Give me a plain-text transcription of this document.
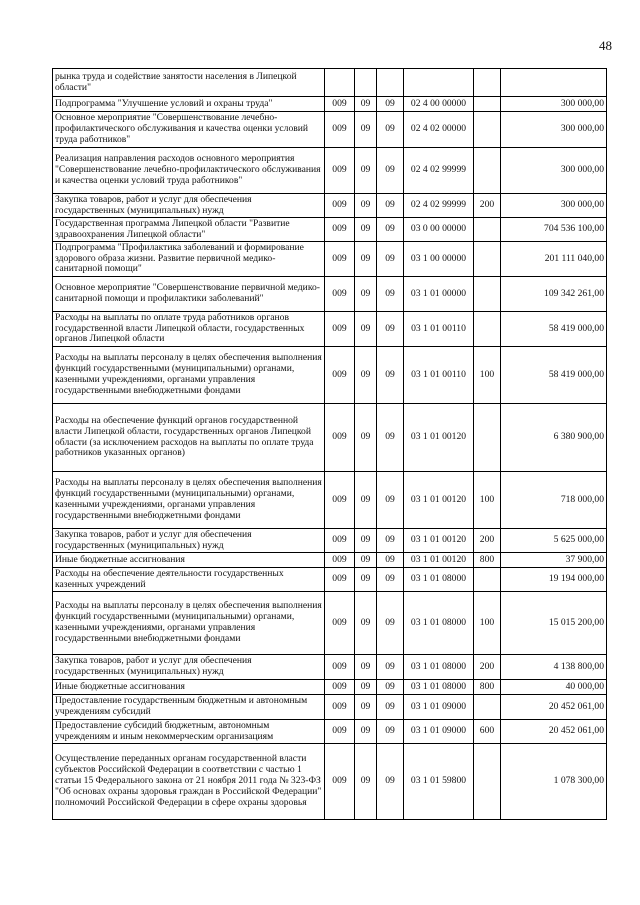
48
рынка труда и содействие занятости населения в Липецкой области"						
Подпрограмма "Улучшение условий и охраны труда"	009	09	09	02 4 00 00000		300 000,00
Основное мероприятие "Совершенствование лечебно-профилактического обслуживания и качества оценки условий труда работников"	009	09	09	02 4 02 00000		300 000,00
Реализация направления расходов основного мероприятия "Совершенствование лечебно-профилактического обслуживания и качества оценки условий труда работников"	009	09	09	02 4 02 99999		300 000,00
Закупка товаров, работ и услуг для обеспечения государственных (муниципальных) нужд	009	09	09	02 4 02 99999	200	300 000,00
Государственная программа Липецкой области "Развитие здравоохранения Липецкой области"	009	09	09	03 0 00 00000		704 536 100,00
Подпрограмма "Профилактика заболеваний и формирование здорового образа жизни. Развитие первичной медико-санитарной помощи"	009	09	09	03 1 00 00000		201 111 040,00
Основное мероприятие "Совершенствование первичной медико-санитарной помощи и профилактики заболеваний"	009	09	09	03 1 01 00000		109 342 261,00
Расходы на выплаты по оплате труда работников органов государственной власти Липецкой области, государственных органов Липецкой области	009	09	09	03 1 01 00110		58 419 000,00
Расходы на выплаты персоналу в целях обеспечения выполнения функций государственными (муниципальными) органами, казенными учреждениями, органами управления государственными внебюджетными фондами	009	09	09	03 1 01 00110	100	58 419 000,00
Расходы на обеспечение функций органов государственной власти Липецкой области, государственных органов Липецкой области (за исключением расходов на выплаты по оплате труда работников указанных органов)	009	09	09	03 1 01 00120		6 380 900,00
Расходы на выплаты персоналу в целях обеспечения выполнения функций государственными (муниципальными) органами, казенными учреждениями, органами управления государственными внебюджетными фондами	009	09	09	03 1 01 00120	100	718 000,00
Закупка товаров, работ и услуг для обеспечения государственных (муниципальных) нужд	009	09	09	03 1 01 00120	200	5 625 000,00
Иные бюджетные ассигнования	009	09	09	03 1 01 00120	800	37 900,00
Расходы на обеспечение деятельности государственных казенных учреждений	009	09	09	03 1 01 08000		19 194 000,00
Расходы на выплаты персоналу в целях обеспечения выполнения функций государственными (муниципальными) органами, казенными учреждениями, органами управления государственными внебюджетными фондами	009	09	09	03 1 01 08000	100	15 015 200,00
Закупка товаров, работ и услуг для обеспечения государственных (муниципальных) нужд	009	09	09	03 1 01 08000	200	4 138 800,00
Иные бюджетные ассигнования	009	09	09	03 1 01 08000	800	40 000,00
Предоставление государственным бюджетным и автономным учреждениям субсидий	009	09	09	03 1 01 09000		20 452 061,00
Предоставление субсидий бюджетным, автономным учреждениям и иным некоммерческим организациям	009	09	09	03 1 01 09000	600	20 452 061,00
Осуществление переданных органам государственной власти субъектов Российской Федерации в соответствии с частью 1 статьи 15 Федерального закона от 21 ноября 2011 года № 323-ФЗ "Об основах охраны здоровья граждан в Российской Федерации" полномочий Российской Федерации в сфере охраны здоровья	009	09	09	03 1 01 59800		1 078 300,00
